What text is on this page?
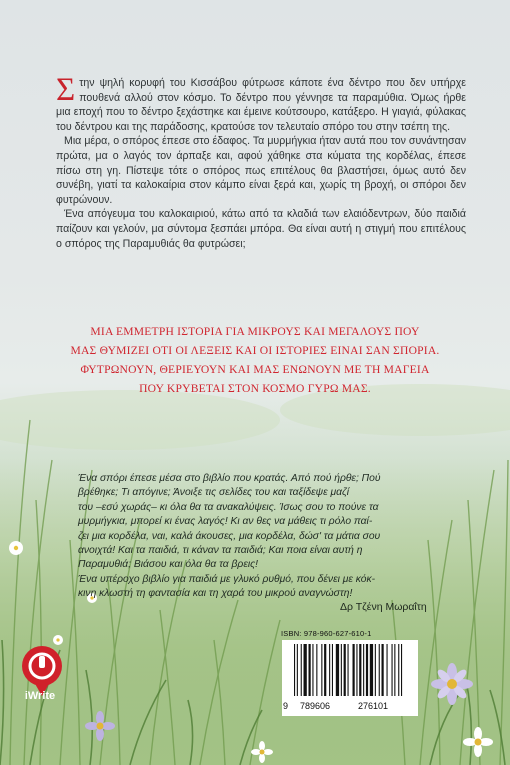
Στην ψηλή κορυφή του Κισσάβου φύτρωσε κάποτε ένα δέντρο που δεν υπήρχε πουθενά αλλού στον κόσμο. Το δέντρο που γέννησε τα παραμύθια. Όμως ήρθε μια εποχή που το δέντρο ξεχάστηκε και έμεινε κούτσουρο, κατάξερο. Η γιαγιά, φύλακας του δέντρου και της παράδοσης, κρατούσε τον τελευταίο σπόρο του στην τσέπη της.

Μια μέρα, ο σπόρος έπεσε στο έδαφος. Τα μυρμήγκια ήταν αυτά που τον συνάντησαν πρώτα, μα ο λαγός τον άρπαξε και, αφού χάθηκε στα κύματα της κορδέλας, έπεσε πίσω στη γη. Πίστεψε τότε ο σπόρος πως επιτέλους θα βλαστήσει, όμως αυτό δεν συνέβη, γιατί τα καλοκαίρια στον κάμπο είναι ξερά και, χωρίς τη βροχή, οι σπόροι δεν φυτρώνουν.

Ένα απόγευμα του καλοκαιριού, κάτω από τα κλαδιά των ελαιόδεντρων, δύο παιδιά παίζουν και γελούν, μα σύντομα ξεσπάει μπόρα. Θα είναι αυτή η στιγμή που επιτέλους ο σπόρος της Παραμυθιάς θα φυτρώσει;

ΜΙΑ ΕΜΜΕΤΡΗ ΙΣΤΟΡΙΑ ΓΙΑ ΜΙΚΡΟΥΣ ΚΑΙ ΜΕΓΑΛΟΥΣ ΠΟΥ
ΜΑΣ ΘΥΜΙΖΕΙ ΟΤΙ ΟΙ ΛΕΞΕΙΣ ΚΑΙ ΟΙ ΙΣΤΟΡΙΕΣ ΕΙΝΑΙ ΣΑΝ ΣΠΟΡΙΑ.
ΦΥΤΡΩΝΟΥΝ, ΘΕΡΙΕΥΟΥΝ ΚΑΙ ΜΑΣ ΕΝΩΝΟΥΝ ΜΕ ΤΗ ΜΑΓΕΙΑ
ΠΟΥ ΚΡΥΒΕΤΑΙ ΣΤΟΝ ΚΟΣΜΟ ΓΥΡΩ ΜΑΣ.
Ένα σπόρι έπεσε μέσα στο βιβλίο που κρατάς. Από πού ήρθε; Πού
βρέθηκε; Τι απόγινε; Άνοιξε τις σελίδες του και ταξίδεψε μαζί
του –εσύ χωράς– κι όλα θα τα ανακαλύψεις. Ίσως σου το πούνε τα
μυρμήγκια, μπορεί κι ένας λαγός! Κι αν θες να μάθεις τι ρόλο παί-
ζει μια κορδέλα, ναι, καλά άκουσες, μια κορδέλα, δώσ' τα μάτια σου
ανοιχτά! Και τα παιδιά, τι κάναν τα παιδιά; Και ποια είναι αυτή η
Παραμυθιά; Βιάσου και όλα θα τα βρεις!
Ένα υπέροχο βιβλίο για παιδιά με γλυκό ρυθμό, που δένει με κόκ-
κινη κλωστή τη φαντασία και τη χαρά του μικρού αναγνώστη!
Δρ Τζένη Μωραΐτη
iWrite
ISBN: 978-960-627-610-1
9 789606	276101
